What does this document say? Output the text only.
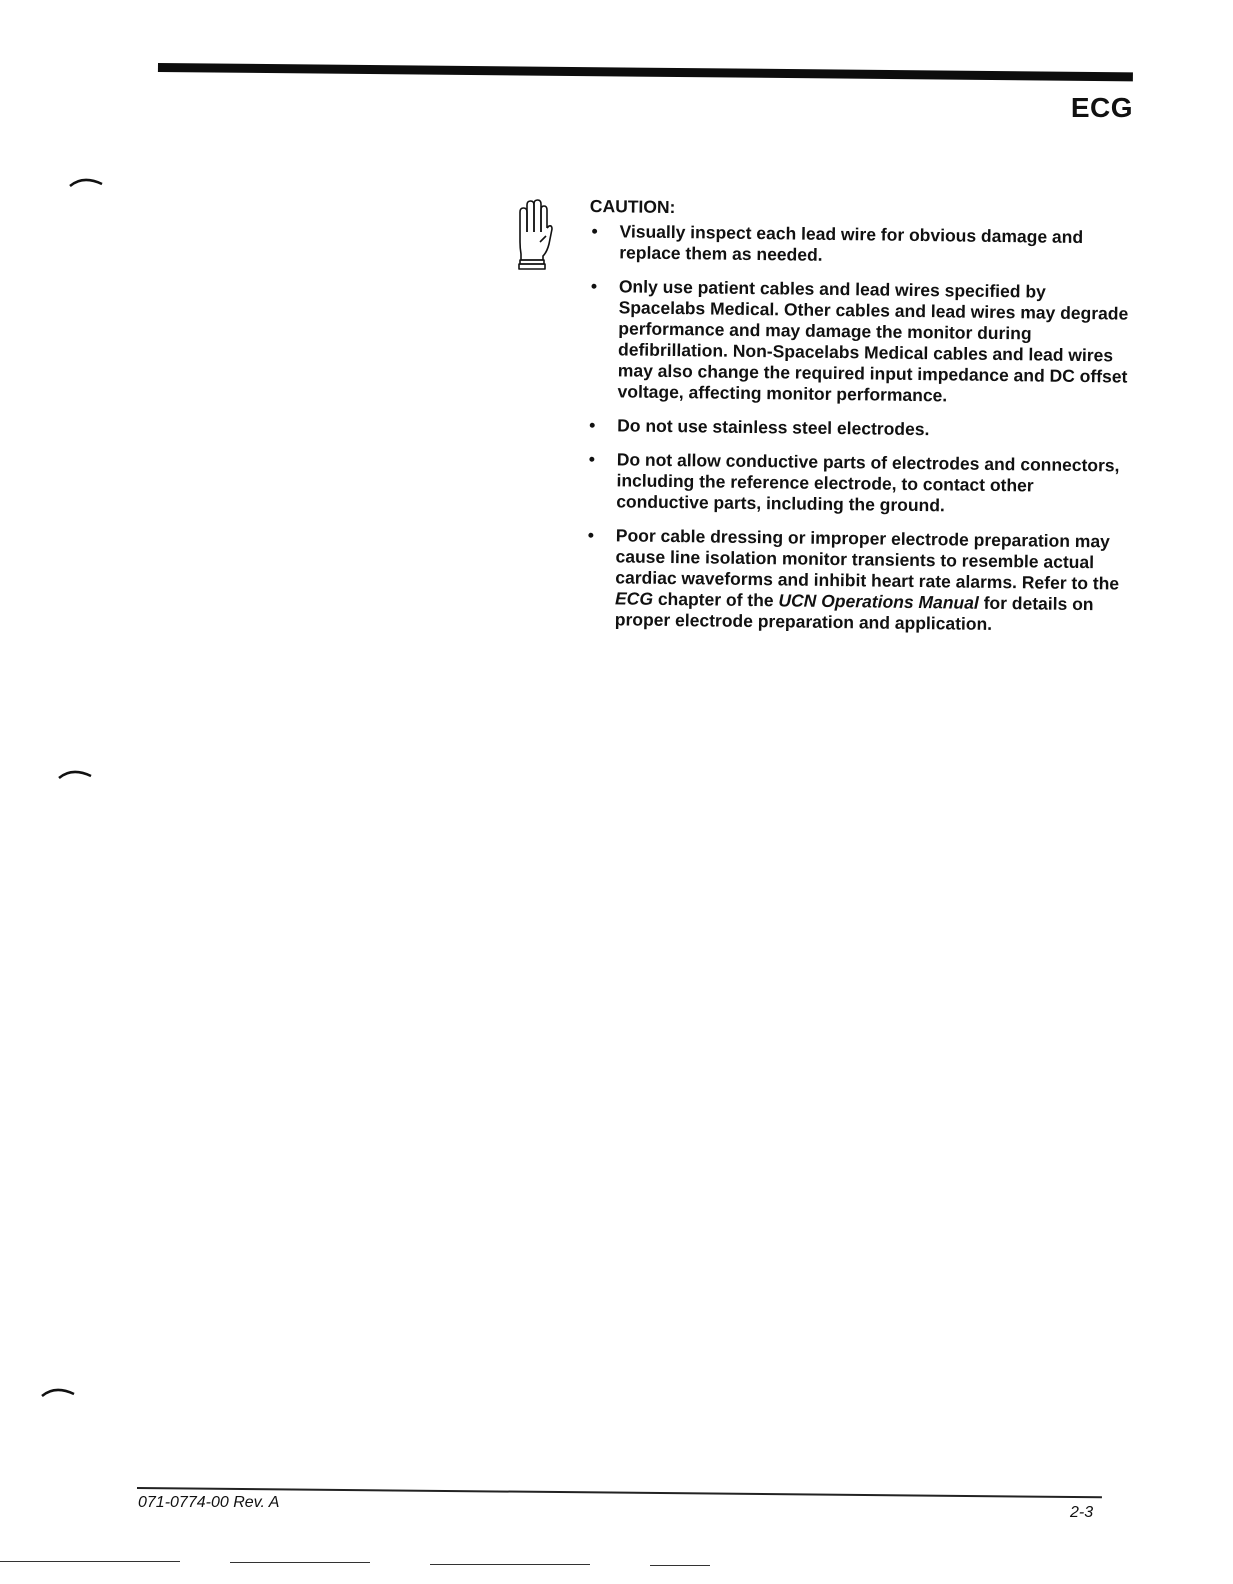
ECG
CAUTION:
• Visually inspect each lead wire for obvious damage and replace them as needed.
• Only use patient cables and lead wires specified by Spacelabs Medical. Other cables and lead wires may degrade performance and may damage the monitor during defibrillation. Non-Spacelabs Medical cables and lead wires may also change the required input impedance and DC offset voltage, affecting monitor performance.
• Do not use stainless steel electrodes.
• Do not allow conductive parts of electrodes and connectors, including the reference electrode, to contact other conductive parts, including the ground.
• Poor cable dressing or improper electrode preparation may cause line isolation monitor transients to resemble actual cardiac waveforms and inhibit heart rate alarms. Refer to the ECG chapter of the UCN Operations Manual for details on proper electrode preparation and application.
071-0774-00 Rev. A
2-3
